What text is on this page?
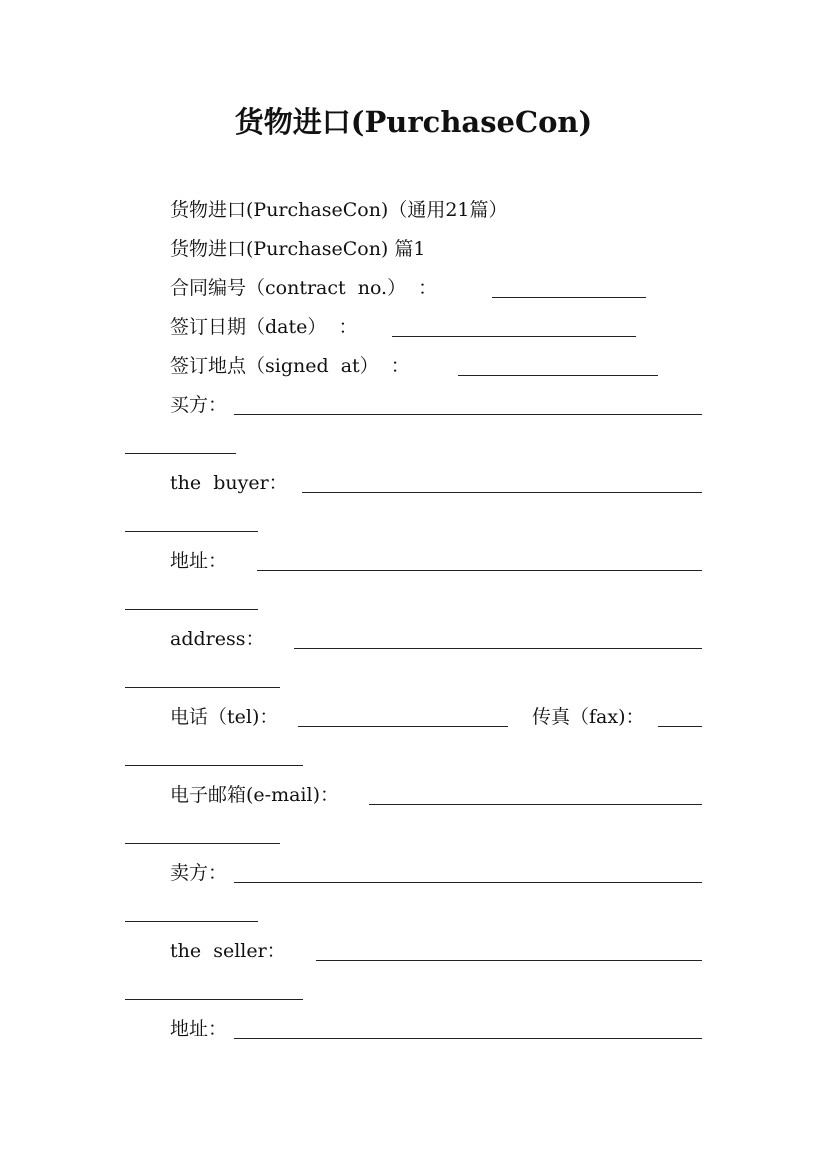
货物进口(PurchaseCon)
货物进口(PurchaseCon)（通用21篇）
货物进口(PurchaseCon) 篇1
合同编号（contract  no.）  ：
签订日期（date）  ：
签订地点（signed  at）  ：
买方：
the  buyer：
地址：
address：
电话（tel)：	传真（fax)：
电子邮箱(e-mail)：
卖方：
the  seller：
地址：
